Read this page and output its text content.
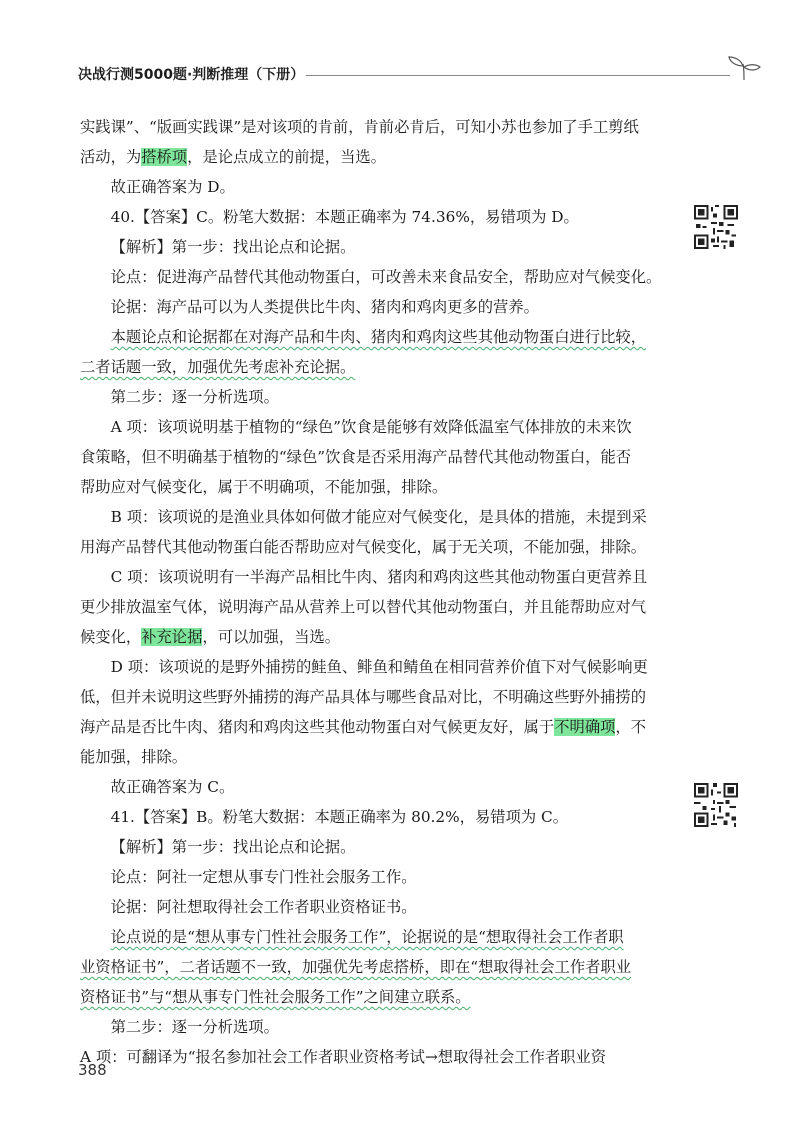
决战行测5000题·判断推理（下册）

实践课”、“版画实践课”是对该项的肯前，肯前必肯后，可知小苏也参加了手工剪纸

活动，为搭桥项，是论点成立的前提，当选。

故正确答案为 D。

40.【答案】C。粉笔大数据：本题正确率为 74.36%，易错项为 D。

【解析】第一步：找出论点和论据。

论点：促进海产品替代其他动物蛋白，可改善未来食品安全，帮助应对气候变化。

论据：海产品可以为人类提供比牛肉、猪肉和鸡肉更多的营养。

本题论点和论据都在对海产品和牛肉、猪肉和鸡肉这些其他动物蛋白进行比较，

二者话题一致，加强优先考虑补充论据。

第二步：逐一分析选项。

A 项：该项说明基于植物的“绿色”饮食是能够有效降低温室气体排放的未来饮

食策略，但不明确基于植物的“绿色”饮食是否采用海产品替代其他动物蛋白，能否

帮助应对气候变化，属于不明确项，不能加强，排除。

B 项：该项说的是渔业具体如何做才能应对气候变化，是具体的措施，未提到采

用海产品替代其他动物蛋白能否帮助应对气候变化，属于无关项，不能加强，排除。

C 项：该项说明有一半海产品相比牛肉、猪肉和鸡肉这些其他动物蛋白更营养且

更少排放温室气体，说明海产品从营养上可以替代其他动物蛋白，并且能帮助应对气

候变化，补充论据，可以加强，当选。

D 项：该项说的是野外捕捞的鲑鱼、鲱鱼和鲭鱼在相同营养价值下对气候影响更

低，但并未说明这些野外捕捞的海产品具体与哪些食品对比，不明确这些野外捕捞的

海产品是否比牛肉、猪肉和鸡肉这些其他动物蛋白对气候更友好，属于不明确项，不

能加强，排除。

故正确答案为 C。

41.【答案】B。粉笔大数据：本题正确率为 80.2%，易错项为 C。

【解析】第一步：找出论点和论据。

论点：阿社一定想从事专门性社会服务工作。

论据：阿社想取得社会工作者职业资格证书。

论点说的是“想从事专门性社会服务工作”，论据说的是“想取得社会工作者职

业资格证书”，二者话题不一致，加强优先考虑搭桥，即在“想取得社会工作者职业

资格证书”与“想从事专门性社会服务工作”之间建立联系。

第二步：逐一分析选项。

A 项：可翻译为“报名参加社会工作者职业资格考试→想取得社会工作者职业资

388
